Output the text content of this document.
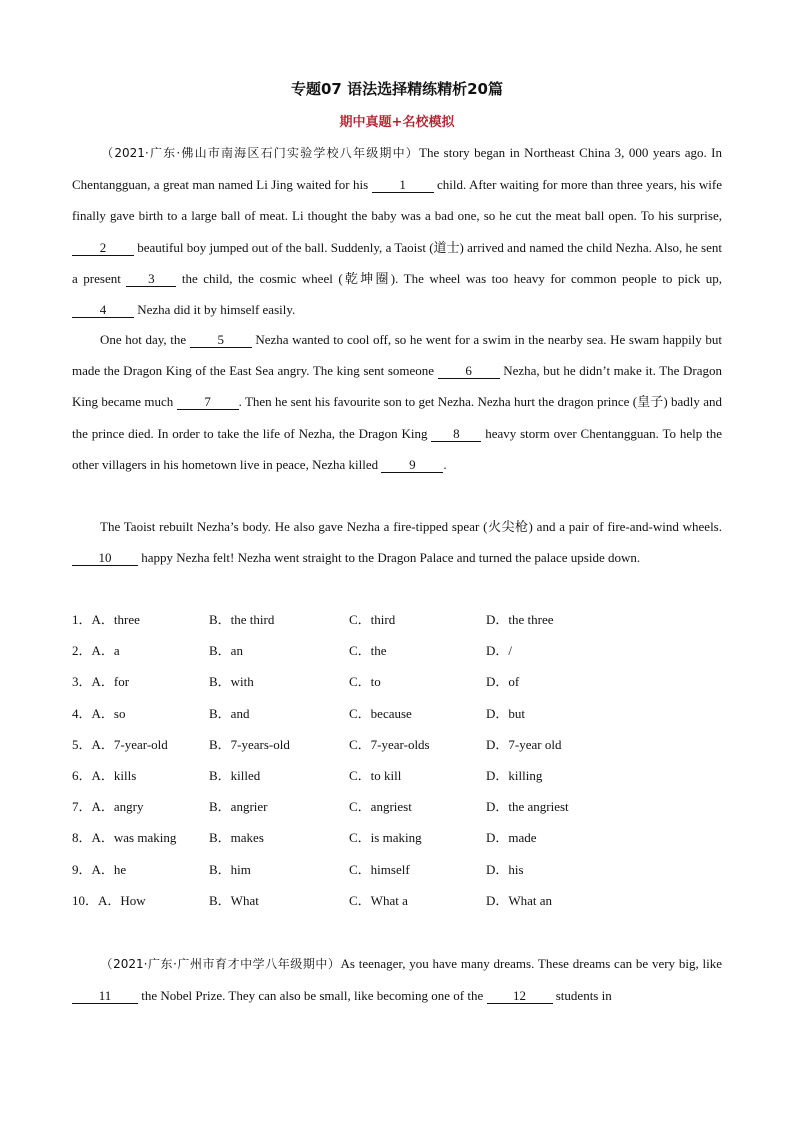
专题07 语法选择精练精析20篇
期中真题+名校模拟
（2021·广东·佛山市南海区石门实验学校八年级期中）The story began in Northeast China 3, 000 years ago. In Chentangguan, a great man named Li Jing waited for his 1 child. After waiting for more than three years, his wife finally gave birth to a large ball of meat. Li thought the baby was a bad one, so he cut the meat ball open. To his surprise, 2 beautiful boy jumped out of the ball. Suddenly, a Taoist (道士) arrived and named the child Nezha. Also, he sent a present 3 the child, the cosmic wheel (乾坤圈). The wheel was too heavy for common people to pick up, 4 Nezha did it by himself easily.
One hot day, the 5 Nezha wanted to cool off, so he went for a swim in the nearby sea. He swam happily but made the Dragon King of the East Sea angry. The king sent someone 6 Nezha, but he didn’t make it. The Dragon King became much 7 . Then he sent his favourite son to get Nezha. Nezha hurt the dragon prince (皇子) badly and the prince died. In order to take the life of Nezha, the Dragon King 8 heavy storm over Chentangguan. To help the other villagers in his hometown live in peace, Nezha killed 9 .
The Taoist rebuilt Nezha’s body. He also gave Nezha a fire-tipped spear (火尖枪) and a pair of fire-and-wind wheels. 10 happy Nezha felt! Nezha went straight to the Dragon Palace and turned the palace upside down.
1．A．three	B．the third	C．third	D．the three
2．A．a	B．an	C．the	D．/
3．A．for	B．with	C．to	D．of
4．A．so	B．and	C．because	D．but
5．A．7-year-old	B．7-years-old	C．7-year-olds	D．7-year old
6．A．kills	B．killed	C．to kill	D．killing
7．A．angry	B．angrier	C．angriest	D．the angriest
8．A．was making	B．makes	C．is making	D．made
9．A．he	B．him	C．himself	D．his
10．A．How	B．What	C．What a	D．What an
（2021·广东·广州市育才中学八年级期中）As teenager, you have many dreams. These dreams can be very big, like 11 the Nobel Prize. They can also be small, like becoming one of the 12 students in
